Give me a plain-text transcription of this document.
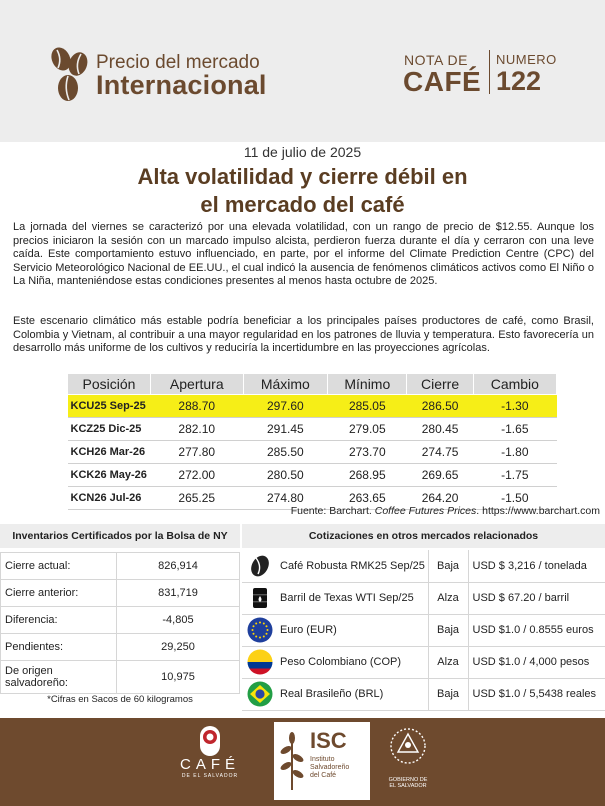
Precio del mercado
Internacional
NOTA DE
CAFÉ
NUMERO
122
11 de julio de 2025
Alta volatilidad y cierre débil en
el mercado del café

La jornada del viernes se caracterizó por una elevada volatilidad, con un rango de precio de $12.55. Aunque los precios iniciaron la sesión con un marcado impulso alcista, perdieron fuerza durante el día y cerraron con una leve caída. Este comportamiento estuvo influenciado, en parte, por el informe del Climate Prediction Centre (CPC) del Servicio Meteorológico Nacional de EE.UU., el cual indicó la ausencia de fenómenos climáticos activos como El Niño o La Niña, manteniéndose estas condiciones presentes al menos hasta octubre de 2025.

Este escenario climático más estable podría beneficiar a los principales países productores de café, como Brasil, Colombia y Vietnam, al contribuir a una mayor regularidad en los patrones de lluvia y temperatura. Esto favorecería un desarrollo más uniforme de los cultivos y reduciría la incertidumbre en las proyecciones agrícolas.

Posición	Apertura	Máximo	Mínimo	Cierre	Cambio
KCU25 Sep-25	288.70	297.60	285.05	286.50	-1.30
KCZ25 Dic-25	282.10	291.45	279.05	280.45	-1.65
KCH26 Mar-26	277.80	285.50	273.70	274.75	-1.80
KCK26 May-26	272.00	280.50	268.95	269.65	-1.75
KCN26 Jul-26	265.25	274.80	263.65	264.20	-1.50
Fuente: Barchart. Coffee Futures Prices. https://www.barchart.com
Inventarios Certificados por la Bolsa de NY
Cierre actual:	826,914
Cierre anterior:	831,719
Diferencia:	-4,805
Pendientes:	29,250
De origen salvadoreño:	10,975
*Cifras en Sacos de 60 kilogramos
Cotizaciones en otros mercados relacionados
	Café Robusta RMK25 Sep/25	Baja	USD $ 3,216 / tonelada
	Barril de Texas WTI Sep/25	Alza	USD $ 67.20 / barril
	Euro (EUR)	Baja	USD $1.0 / 0.8555 euros
	Peso Colombiano (COP)	Alza	USD $1.0 / 4,000 pesos
	Real Brasileño (BRL)	Baja	USD $1.0 / 5,5438 reales
CAFÉ
DE EL SALVADOR
ISC
Instituto
Salvadoreño
del Café
GOBIERNO DE
EL SALVADOR
